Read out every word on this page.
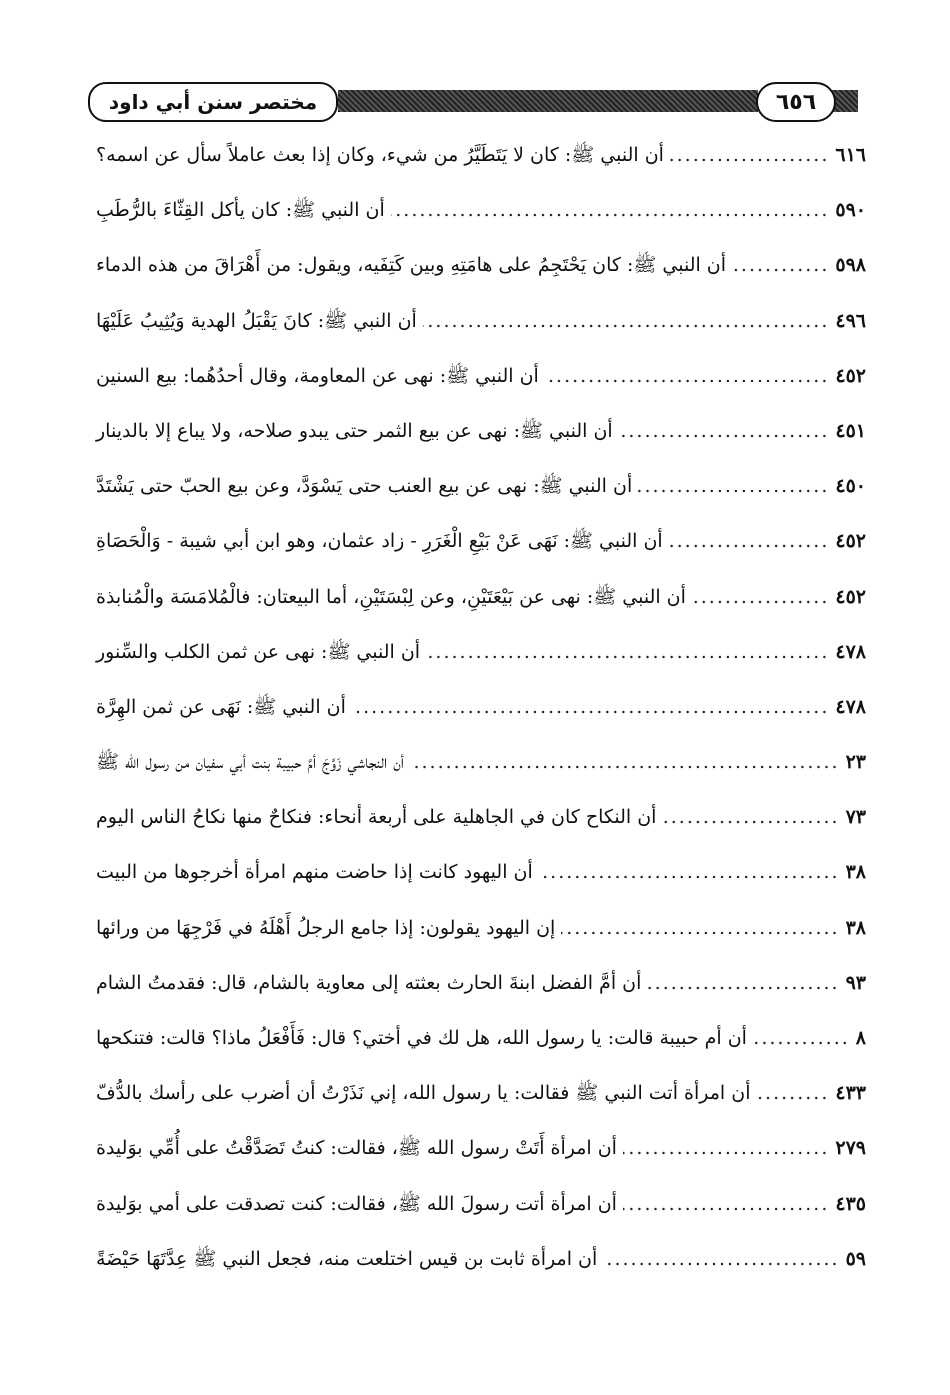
مختصر سنن أبي داود	٦٥٦
أن النبي ﷺ: كان لا يَتَطَيَّرُ من شيء، وكان إذا بعث عاملاً سأل عن اسمه؟ .....	٦١٦
أن النبي ﷺ: كان يأكل القِثّاءَ بالرُّطَبِ .....	٥٩٠
أن النبي ﷺ: كان يَحْتَجِمُ على هامَتِهِ وبين كَتِفَيه، ويقول: من أَهْرَاقَ من هذه الدماء .....	٥٩٨
أن النبي ﷺ: كانَ يَقْبَلُ الهدية وَيُثِيبُ عَلَيْهَا .....	٤٩٦
أن النبي ﷺ: نهى عن المعاومة، وقال أحدُهُما: بيع السنين .....	٤٥٢
أن النبي ﷺ: نهى عن بيع الثمر حتى يبدو صلاحه، ولا يباع إلا بالدينار .....	٤٥١
أن النبي ﷺ: نهى عن بيع العنب حتى يَسْوَدَّ، وعن بيع الحبّ حتى يَشْتَدَّ .....	٤٥٠
أن النبي ﷺ: نَهَى عَنْ بَيْعِ الْغَرَرِ - زاد عثمان، وهو ابن أبي شيبة - وَالْحَصَاةِ .....	٤٥٢
أن النبي ﷺ: نهى عن بَيْعَتَيْنِ، وعن لِبْسَتَيْنِ، أما البيعتان: فالْمُلامَسَة والْمُنابذة .....	٤٥٢
أن النبي ﷺ: نهى عن ثمن الكلب والسِّنور .....	٤٧٨
أن النبي ﷺ: نَهَى عن ثمن الهِرَّة .....	٤٧٨
أن النجاشي زَوَّجَ أمَّ حبيبة بنت أبي سفيان من رسول الله ﷺ .....	٢٣
أن النكاح كان في الجاهلية على أربعة أنحاء: فنكاحٌ منها نكاحُ الناس اليوم .....	٧٣
أن اليهود كانت إذا حاضت منهم امرأة أخرجوها من البيت .....	٣٨
إن اليهود يقولون: إذا جامع الرجلُ أَهْلَهُ في فَرْجِهَا من ورائها .....	٣٨
أن أمَّ الفضل ابنةَ الحارث بعثته إلى معاوية بالشام، قال: فقدمتُ الشام .....	٩٣
أن أم حبيبة قالت: يا رسول الله، هل لك في أختي؟ قال: فَأَفْعَلُ ماذا؟ قالت: فتنكحها .....	٨
أن امرأة أتت النبي ﷺ فقالت: يا رسول الله، إني نَذَرْتُ أن أضرب على رأسك بالدُّفّ .....	٤٣٣
أن امرأة أَتَتْ رسول الله ﷺ، فقالت: كنتُ تَصَدَّقْتُ على أُمِّي بوَليدة .....	٢٧٩
أن امرأة أتت رسولَ الله ﷺ، فقالت: كنت تصدقت على أمي بوَليدة .....	٤٣٥
أن امرأة ثابت بن قيس اختلعت منه، فجعل النبي ﷺ عِدَّتَهَا حَيْضَةً .....	٥٩
